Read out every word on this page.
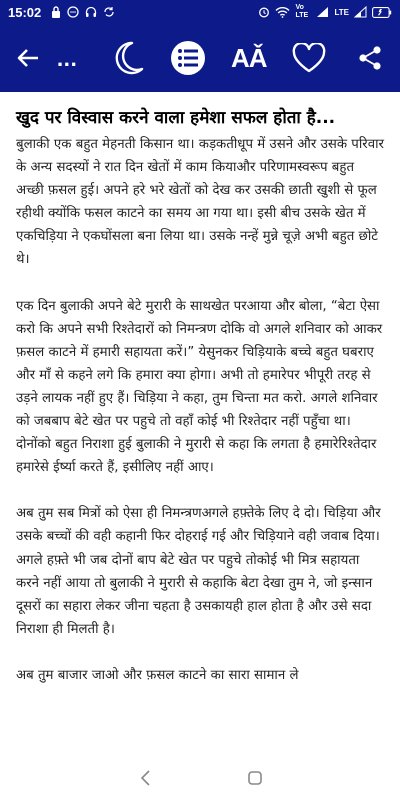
15:02	Vo LTE	LTE
...	AǍ
खुद पर विस्वास करने वाला हमेशा सफल होता है...

बुलाकी एक बहुत मेहनती किसान था। कड़कतीधूप में उसने और उसके परिवार के अन्य सदस्यों ने रात दिन खेतों में काम कियाऔर परिणामस्वरूप बहुत अच्छी फ़सल हुई। अपने हरे भरे खेतों को देख कर उसकी छाती खुशी से फूल रहीथी क्योंकि फसल काटने का समय आ गया था। इसी बीच उसके खेत में एकचिड़िया ने एकघोंसला बना लिया था। उसके नन्हें मुन्ने चूज़े अभी बहुत छोटे थे।

एक दिन बुलाकी अपने बेटे मुरारी के साथखेत परआया और बोला, “बेटा ऐसा करो कि अपने सभी रिश्तेदारों को निमन्त्रण दोकि वो अगले शनिवार को आकर फ़सल काटने में हमारी सहायता करें।” येसुनकर चिड़ियाके बच्चे बहुत घबराए और माँ से कहने लगे कि हमारा क्या होगा। अभी तो हमारेपर भीपूरी तरह से उड़ने लायक नहीं हुए हैं। चिड़िया ने कहा, तुम चिन्ता मत करो. अगले शनिवार को जबबाप बेटे खेत पर पहुचे तो वहाँ कोई भी रिश्तेदार नहीं पहुँचा था। दोनोंको बहुत निराशा हुई बुलाकी ने मुरारी से कहा कि लगता है हमारेरिश्तेदार हमारेसे ईर्ष्या करते हैं, इसीलिए नहीं आए।

अब तुम सब मित्रों को ऐसा ही निमन्त्रणअगले हफ़्तेके लिए दे दो। चिड़िया और उसके बच्चों की वही कहानी फिर दोहराई गई और चिड़ियाने वही जवाब दिया। अगले हफ़्ते भी जब दोनों बाप बेटे खेत पर पहुचे तोकोई भी मित्र सहायता करने नहीं आया तो बुलाकी ने मुरारी से कहाकि बेटा देखा तुम ने, जो इन्सान दूसरों का सहारा लेकर जीना चहता है उसकायही हाल होता है और उसे सदा निराशा ही मिलती है।

अब तुम बाजार जाओ और फ़सल काटने का सारा सामान ले
